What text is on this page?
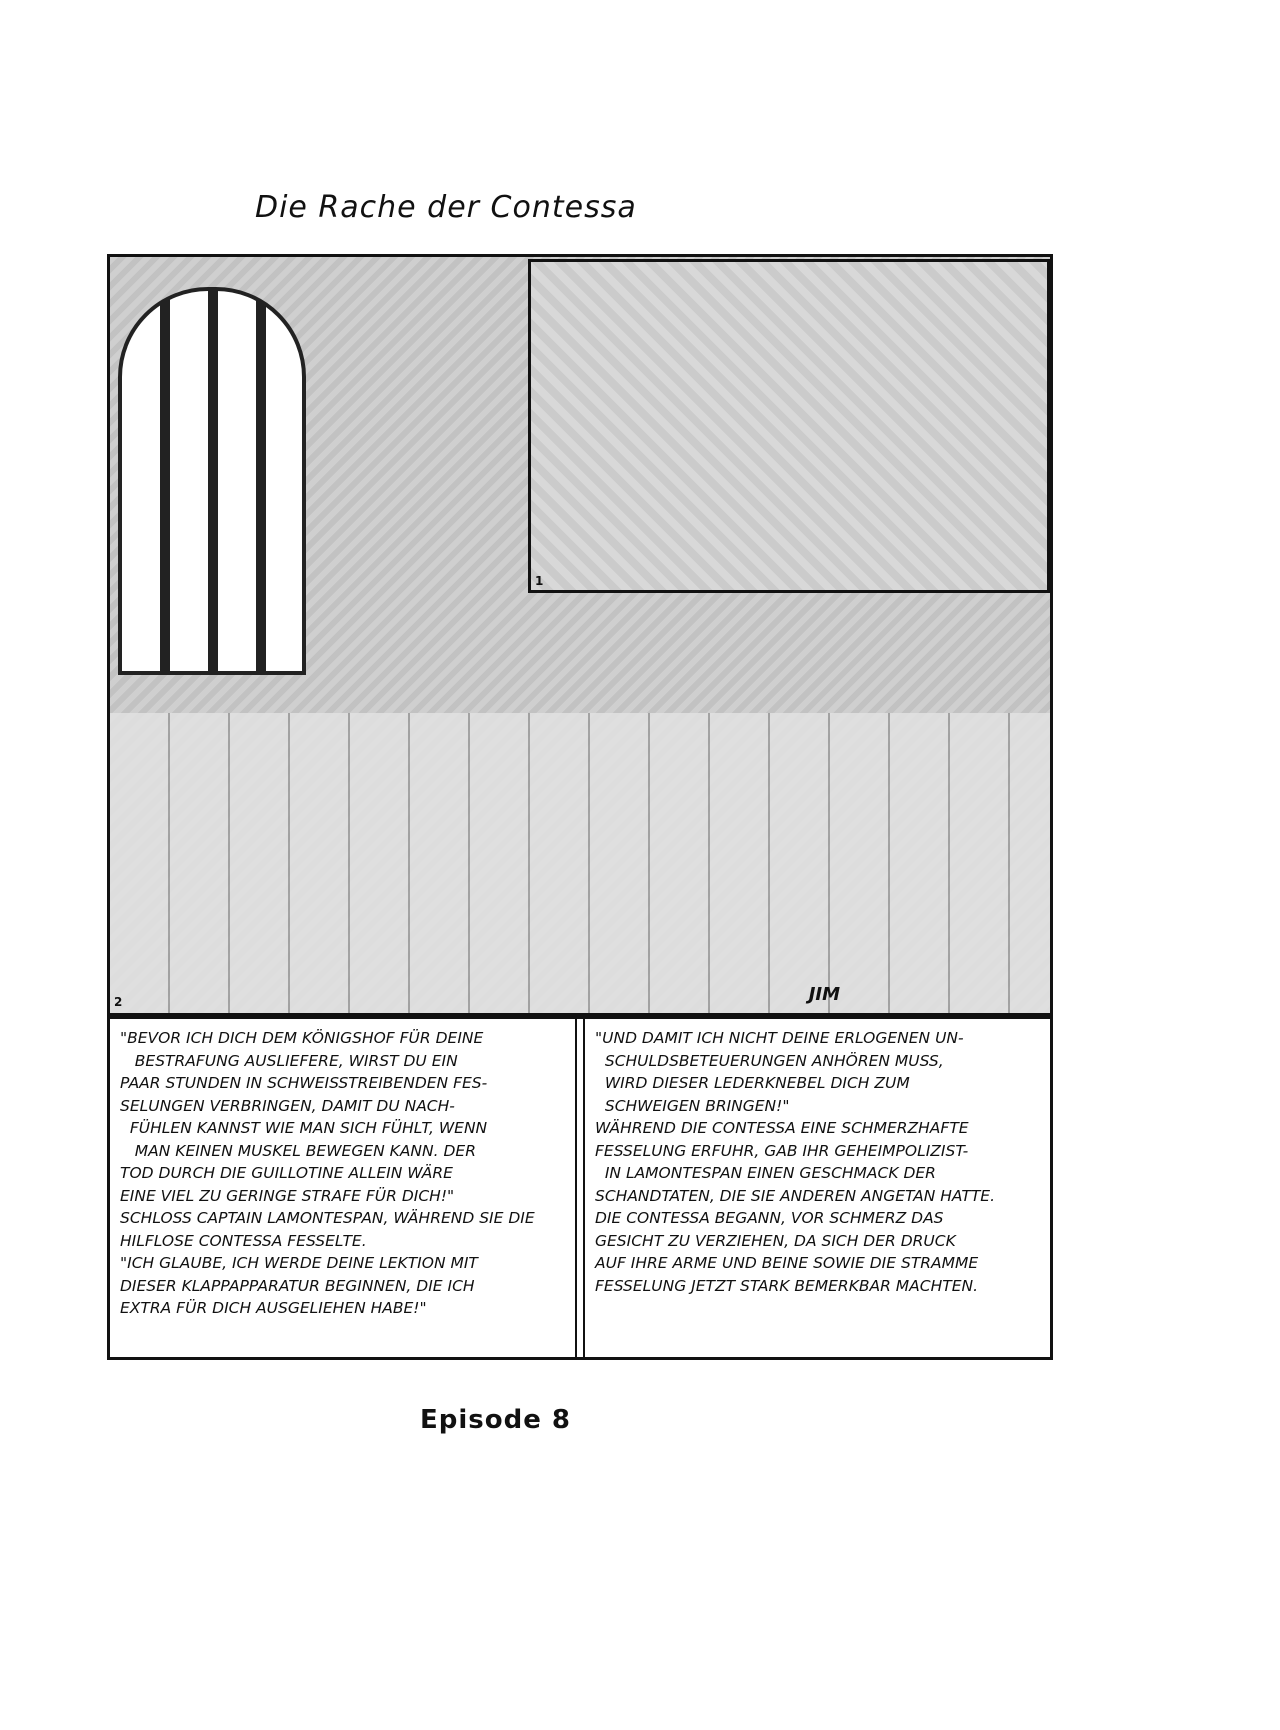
Die Rache der Contessa
1
2	JIM
"BEVOR ICH DICH DEM KÖNIGSHOF FÜR DEINE
BESTRAFUNG AUSLIEFERE, WIRST DU EIN
PAAR STUNDEN IN SCHWEISSTREIBENDEN FES-
SELUNGEN VERBRINGEN, DAMIT DU NACH-
FÜHLEN KANNST WIE MAN SICH FÜHLT, WENN
MAN KEINEN MUSKEL BEWEGEN KANN. DER
TOD DURCH DIE GUILLOTINE ALLEIN WÄRE
EINE VIEL ZU GERINGE STRAFE FÜR DICH!"
SCHLOSS CAPTAIN LAMONTESPAN, WÄHREND SIE DIE
HILFLOSE CONTESSA FESSELTE.
"ICH GLAUBE, ICH WERDE DEINE LEKTION MIT
DIESER KLAPPAPPARATUR BEGINNEN, DIE ICH
EXTRA FÜR DICH AUSGELIEHEN HABE!"
"UND DAMIT ICH NICHT DEINE ERLOGENEN UN-
SCHULDSBETEUERUNGEN ANHÖREN MUSS,
WIRD DIESER LEDERKNEBEL DICH ZUM
SCHWEIGEN BRINGEN!"
WÄHREND DIE CONTESSA EINE SCHMERZHAFTE
FESSELUNG ERFUHR, GAB IHR GEHEIMPOLIZIST-
IN LAMONTESPAN EINEN GESCHMACK DER
SCHANDTATEN, DIE SIE ANDEREN ANGETAN HATTE.
DIE CONTESSA BEGANN, VOR SCHMERZ DAS
GESICHT ZU VERZIEHEN, DA SICH DER DRUCK
AUF IHRE ARME UND BEINE SOWIE DIE STRAMME
FESSELUNG JETZT STARK BEMERKBAR MACHTEN.
Episode 8
